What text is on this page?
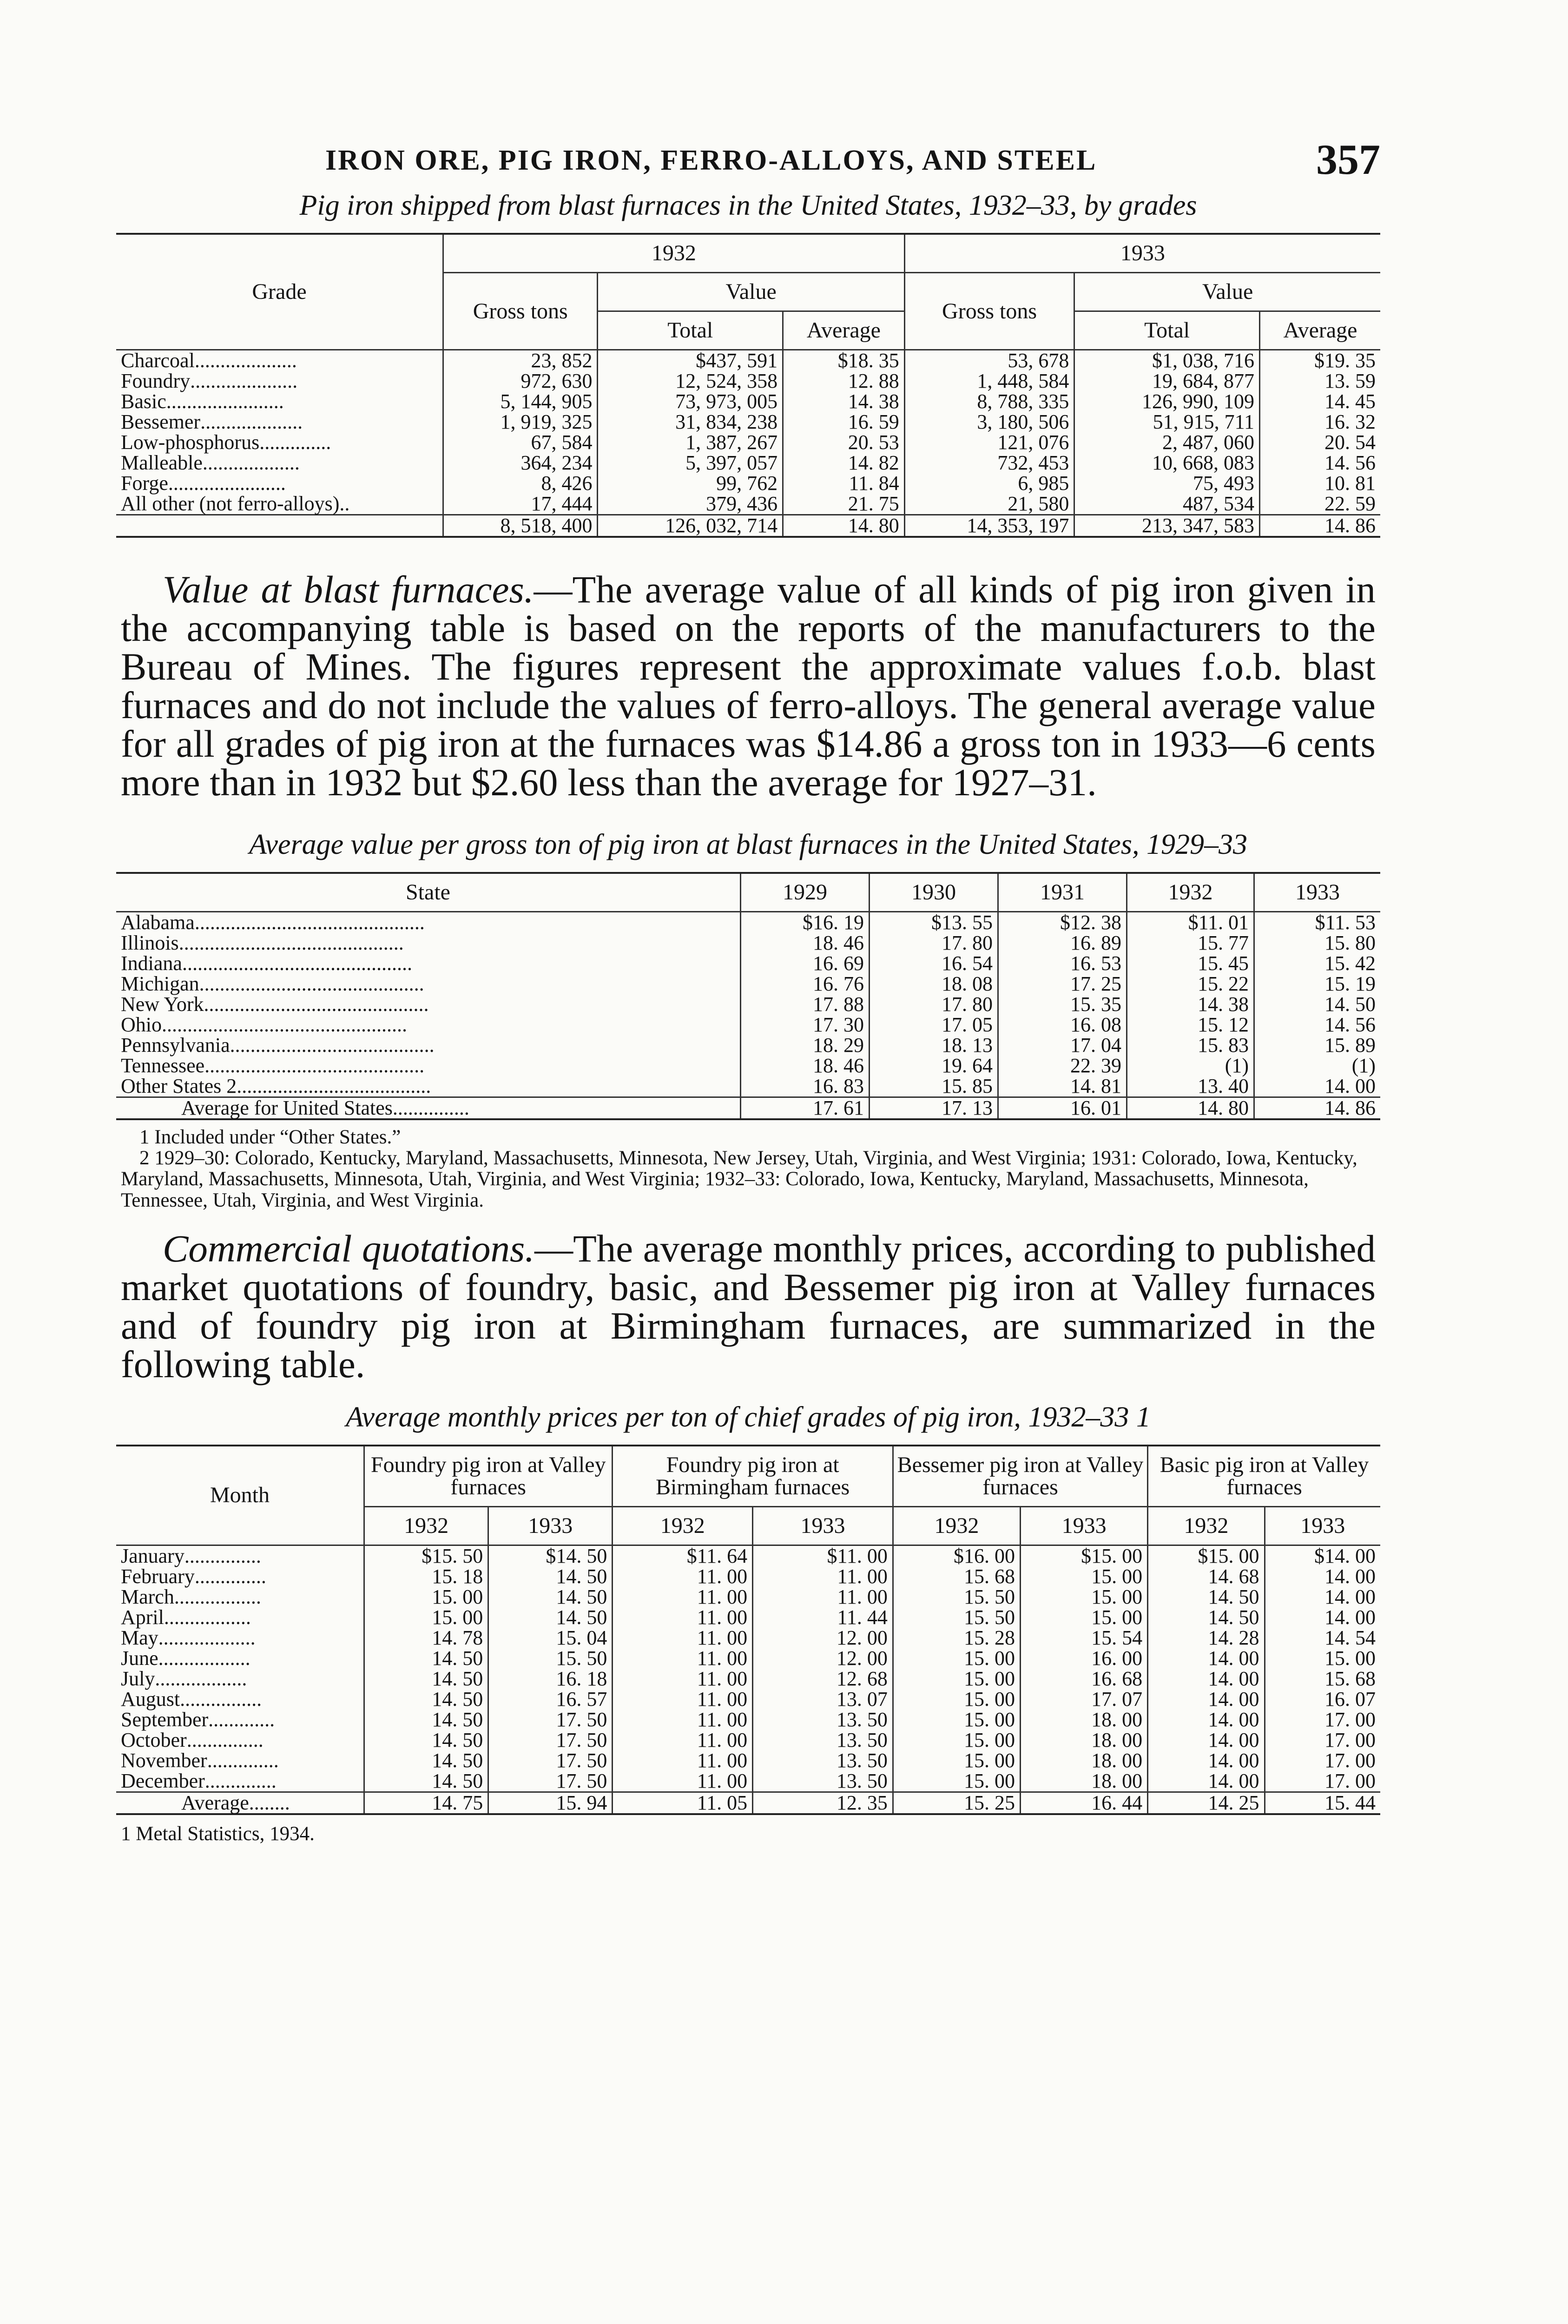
IRON ORE, PIG IRON, FERRO-ALLOYS, AND STEEL	357
Pig iron shipped from blast furnaces in the United States, 1932–33, by grades
Grade	1932			1933		
	Gross tons	Value		Gross tons	Value	
		Total	Average		Total	Average
Charcoal....................	23, 852	$437, 591	$18. 35	53, 678	$1, 038, 716	$19. 35
Foundry.....................	972, 630	12, 524, 358	12. 88	1, 448, 584	19, 684, 877	13. 59
Basic.......................	5, 144, 905	73, 973, 005	14. 38	8, 788, 335	126, 990, 109	14. 45
Bessemer....................	1, 919, 325	31, 834, 238	16. 59	3, 180, 506	51, 915, 711	16. 32
Low-phosphorus..............	67, 584	1, 387, 267	20. 53	121, 076	2, 487, 060	20. 54
Malleable...................	364, 234	5, 397, 057	14. 82	732, 453	10, 668, 083	14. 56
Forge.......................	8, 426	99, 762	11. 84	6, 985	75, 493	10. 81
All other (not ferro-alloys)..	17, 444	379, 436	21. 75	21, 580	487, 534	22. 59
	8, 518, 400	126, 032, 714	14. 80	14, 353, 197	213, 347, 583	14. 86

Value at blast furnaces.—The average value of all kinds of pig iron given in the accompanying table is based on the reports of the manufacturers to the Bureau of Mines. The figures represent the approximate values f.o.b. blast furnaces and do not include the values of ferro-alloys. The general average value for all grades of pig iron at the furnaces was $14.86 a gross ton in 1933—6 cents more than in 1932 but $2.60 less than the average for 1927–31.

Average value per gross ton of pig iron at blast furnaces in the United States, 1929–33
State	1929	1930	1931	1932	1933
Alabama.............................................	$16. 19	$13. 55	$12. 38	$11. 01	$11. 53
Illinois............................................	18. 46	17. 80	16. 89	15. 77	15. 80
Indiana.............................................	16. 69	16. 54	16. 53	15. 45	15. 42
Michigan............................................	16. 76	18. 08	17. 25	15. 22	15. 19
New York............................................	17. 88	17. 80	15. 35	14. 38	14. 50
Ohio................................................	17. 30	17. 05	16. 08	15. 12	14. 56
Pennsylvania........................................	18. 29	18. 13	17. 04	15. 83	15. 89
Tennessee...........................................	18. 46	19. 64	22. 39	(1)	(1)
Other States 2......................................	16. 83	15. 85	14. 81	13. 40	14. 00
Average for United States...............	17. 61	17. 13	16. 01	14. 80	14. 86

1 Included under “Other States.”

2 1929–30: Colorado, Kentucky, Maryland, Massachusetts, Minnesota, New Jersey, Utah, Virginia, and West Virginia; 1931: Colorado, Iowa, Kentucky, Maryland, Massachusetts, Minnesota, Utah, Virginia, and West Virginia; 1932–33: Colorado, Iowa, Kentucky, Maryland, Massachusetts, Minnesota, Tennessee, Utah, Virginia, and West Virginia.

Commercial quotations.—The average monthly prices, according to published market quotations of foundry, basic, and Bessemer pig iron at Valley furnaces and of foundry pig iron at Birmingham furnaces, are summarized in the following table.

Average monthly prices per ton of chief grades of pig iron, 1932–33 1
Month	Foundry pig iron at Valley furnaces		Foundry pig iron at Birmingham furnaces		Bessemer pig iron at Valley furnaces		Basic pig iron at Valley furnaces	
	1932	1933	1932	1933	1932	1933	1932	1933
January...............	$15. 50	$14. 50	$11. 64	$11. 00	$16. 00	$15. 00	$15. 00	$14. 00
February..............	15. 18	14. 50	11. 00	11. 00	15. 68	15. 00	14. 68	14. 00
March.................	15. 00	14. 50	11. 00	11. 00	15. 50	15. 00	14. 50	14. 00
April.................	15. 00	14. 50	11. 00	11. 44	15. 50	15. 00	14. 50	14. 00
May...................	14. 78	15. 04	11. 00	12. 00	15. 28	15. 54	14. 28	14. 54
June..................	14. 50	15. 50	11. 00	12. 00	15. 00	16. 00	14. 00	15. 00
July..................	14. 50	16. 18	11. 00	12. 68	15. 00	16. 68	14. 00	15. 68
August................	14. 50	16. 57	11. 00	13. 07	15. 00	17. 07	14. 00	16. 07
September.............	14. 50	17. 50	11. 00	13. 50	15. 00	18. 00	14. 00	17. 00
October...............	14. 50	17. 50	11. 00	13. 50	15. 00	18. 00	14. 00	17. 00
November..............	14. 50	17. 50	11. 00	13. 50	15. 00	18. 00	14. 00	17. 00
December..............	14. 50	17. 50	11. 00	13. 50	15. 00	18. 00	14. 00	17. 00
Average........	14. 75	15. 94	11. 05	12. 35	15. 25	16. 44	14. 25	15. 44

1 Metal Statistics, 1934.
